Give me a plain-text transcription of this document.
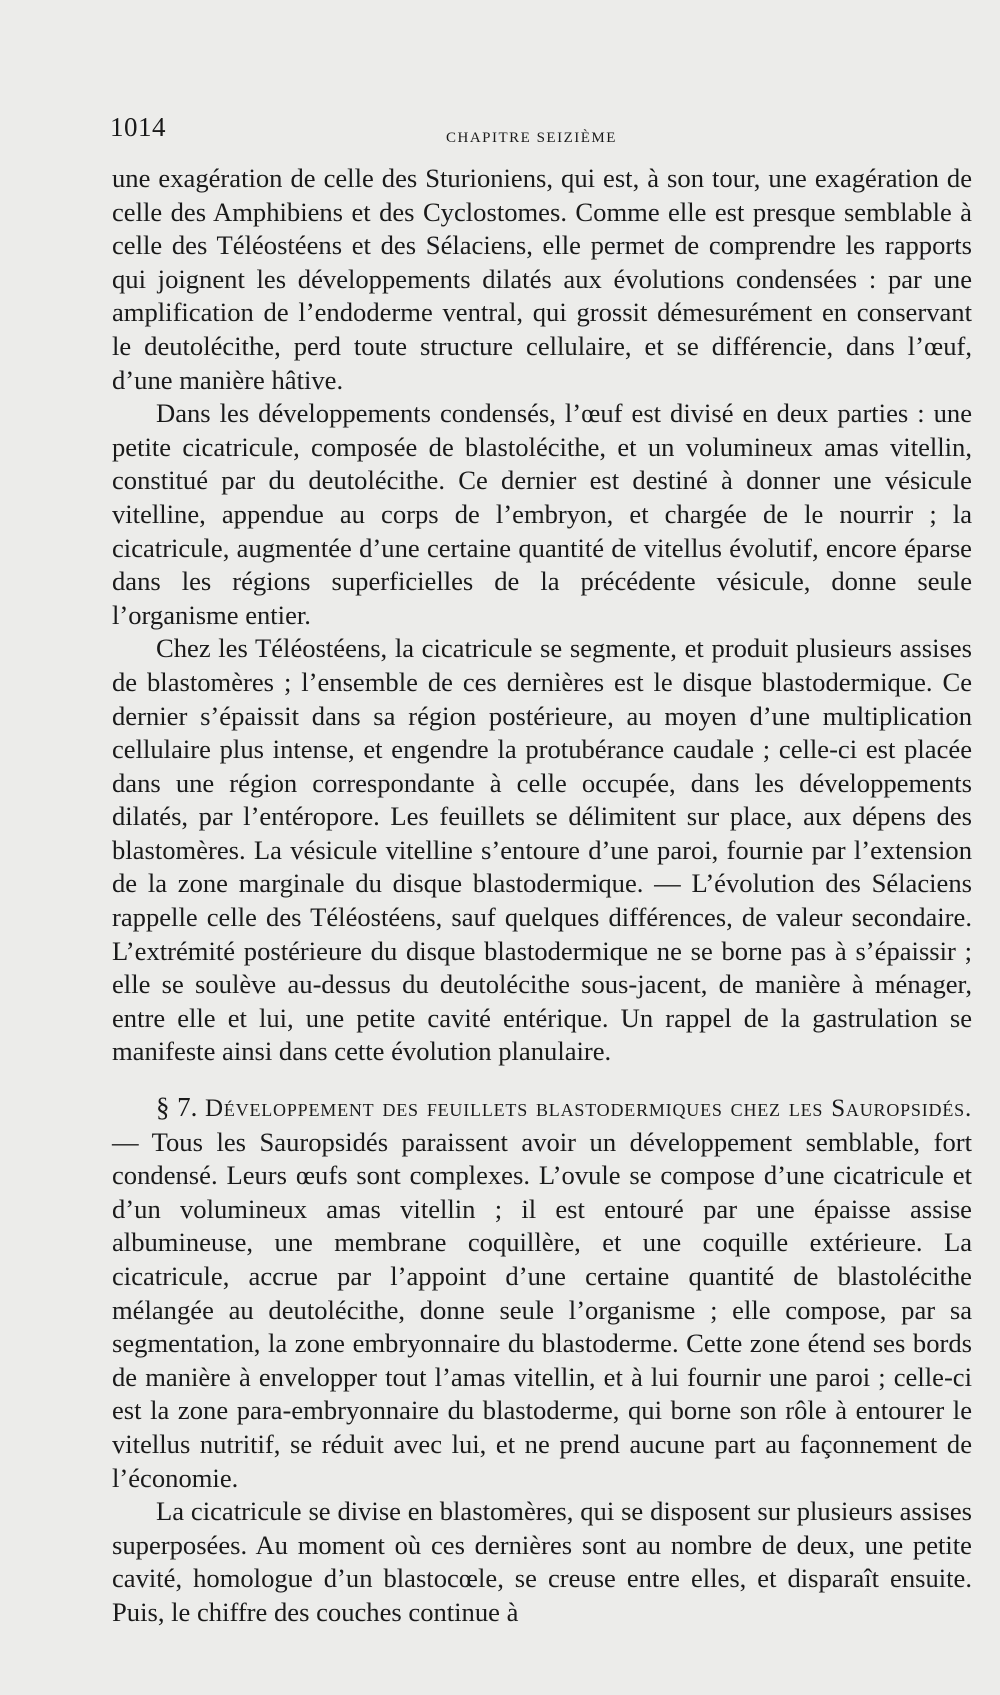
1014	CHAPITRE SEIZIÈME

une exagération de celle des Sturioniens, qui est, à son tour, une exagération de celle des Amphibiens et des Cyclostomes. Comme elle est presque semblable à celle des Téléostéens et des Sélaciens, elle permet de comprendre les rapports qui joignent les développements dilatés aux évolutions condensées : par une amplification de l’endoderme ventral, qui grossit démesurément en conservant le deutolécithe, perd toute structure cellulaire, et se différencie, dans l’œuf, d’une manière hâtive.

Dans les développements condensés, l’œuf est divisé en deux parties : une petite cicatricule, composée de blastolécithe, et un volumineux amas vitellin, constitué par du deutolécithe. Ce dernier est destiné à donner une vésicule vitelline, appendue au corps de l’embryon, et chargée de le nourrir ; la cicatricule, augmentée d’une certaine quantité de vitellus évolutif, encore éparse dans les régions superficielles de la précédente vésicule, donne seule l’organisme entier.

Chez les Téléostéens, la cicatricule se segmente, et produit plusieurs assises de blastomères ; l’ensemble de ces dernières est le disque blastodermique. Ce dernier s’épaissit dans sa région postérieure, au moyen d’une multiplication cellulaire plus intense, et engendre la protubérance caudale ; celle-ci est placée dans une région correspondante à celle occupée, dans les développements dilatés, par l’entéropore. Les feuillets se délimitent sur place, aux dépens des blastomères. La vésicule vitelline s’entoure d’une paroi, fournie par l’extension de la zone marginale du disque blastodermique. — L’évolution des Sélaciens rappelle celle des Téléostéens, sauf quelques différences, de valeur secondaire. L’extrémité postérieure du disque blastodermique ne se borne pas à s’épaissir ; elle se soulève au-dessus du deutolécithe sous-jacent, de manière à ménager, entre elle et lui, une petite cavité entérique. Un rappel de la gastrulation se manifeste ainsi dans cette évolution planulaire.

§ 7. Développement des feuillets blastodermiques chez les Sauropsidés. — Tous les Sauropsidés paraissent avoir un développement semblable, fort condensé. Leurs œufs sont complexes. L’ovule se compose d’une cicatricule et d’un volumineux amas vitellin ; il est entouré par une épaisse assise albumineuse, une membrane coquillère, et une coquille extérieure. La cicatricule, accrue par l’appoint d’une certaine quantité de blastolécithe mélangée au deutolécithe, donne seule l’organisme ; elle compose, par sa segmentation, la zone embryonnaire du blastoderme. Cette zone étend ses bords de manière à envelopper tout l’amas vitellin, et à lui fournir une paroi ; celle-ci est la zone para-embryonnaire du blastoderme, qui borne son rôle à entourer le vitellus nutritif, se réduit avec lui, et ne prend aucune part au façonnement de l’économie.

La cicatricule se divise en blastomères, qui se disposent sur plusieurs assises superposées. Au moment où ces dernières sont au nombre de deux, une petite cavité, homologue d’un blastocœle, se creuse entre elles, et disparaît ensuite. Puis, le chiffre des couches continue à
